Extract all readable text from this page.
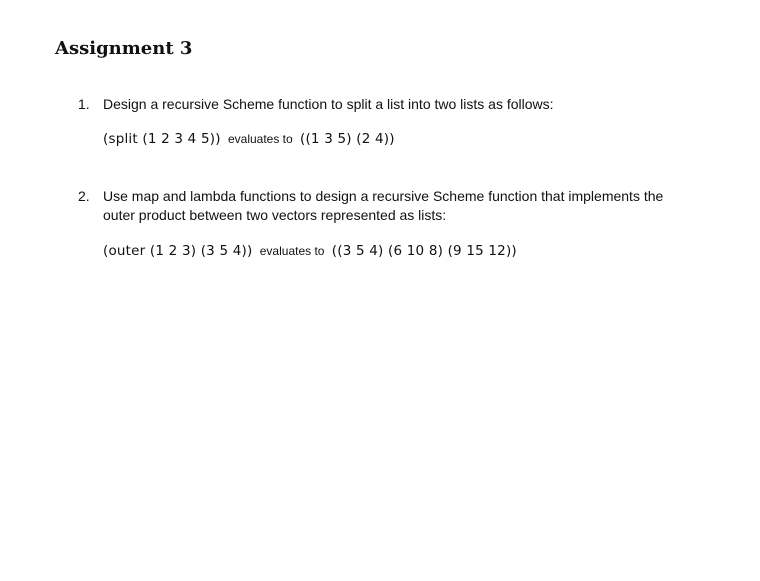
Assignment 3
1. Design a recursive Scheme function to split a list into two lists as follows:

(split (1 2 3 4 5)) evaluates to ((1 3 5) (2 4))
2. Use map and lambda functions to design a recursive Scheme function that implements the outer product between two vectors represented as lists:

(outer (1 2 3) (3 5 4)) evaluates to ((3 5 4) (6 10 8) (9 15 12))
